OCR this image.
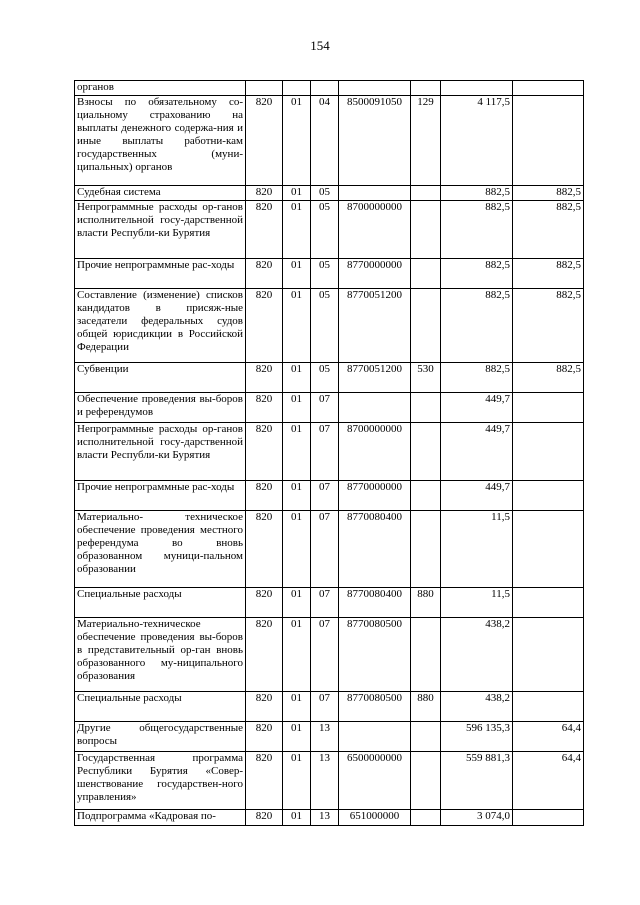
154
органов							
Взносы по обязательному со-циальному страхованию на выплаты денежного содержа-ния и иные выплаты работни-кам государственных (муни-ципальных) органов	820	01	04	8500091050	129	4 117,5	
Судебная система	820	01	05			882,5	882,5
Непрограммные расходы ор-ганов исполнительной госу-дарственной власти Республи-ки Бурятия	820	01	05	8700000000		882,5	882,5
Прочие непрограммные рас-ходы	820	01	05	8770000000		882,5	882,5
Составление (изменение) списков кандидатов в присяж-ные заседатели федеральных судов общей юрисдикции в Российской Федерации	820	01	05	8770051200		882,5	882,5
Субвенции	820	01	05	8770051200	530	882,5	882,5
Обеспечение проведения вы-боров и референдумов	820	01	07			449,7	
Непрограммные расходы ор-ганов исполнительной госу-дарственной власти Республи-ки Бурятия	820	01	07	8700000000		449,7	
Прочие непрограммные рас-ходы	820	01	07	8770000000		449,7	
Материально- техническое обеспечение проведения местного референдума во вновь образованном муници-пальном образовании	820	01	07	8770080400		11,5	
Специальные расходы	820	01	07	8770080400	880	11,5	
Материально-техническое обеспечение проведения вы-боров в представительный ор-ган вновь образованного му-ниципального образования	820	01	07	8770080500		438,2	
Специальные расходы	820	01	07	8770080500	880	438,2	
Другие общегосударственные вопросы	820	01	13			596 135,3	64,4
Государственная программа Республики Бурятия «Совер-шенствование государствен-ного управления»	820	01	13	6500000000		559 881,3	64,4
Подпрограмма «Кадровая по-	820	01	13	651000000		3 074,0	
